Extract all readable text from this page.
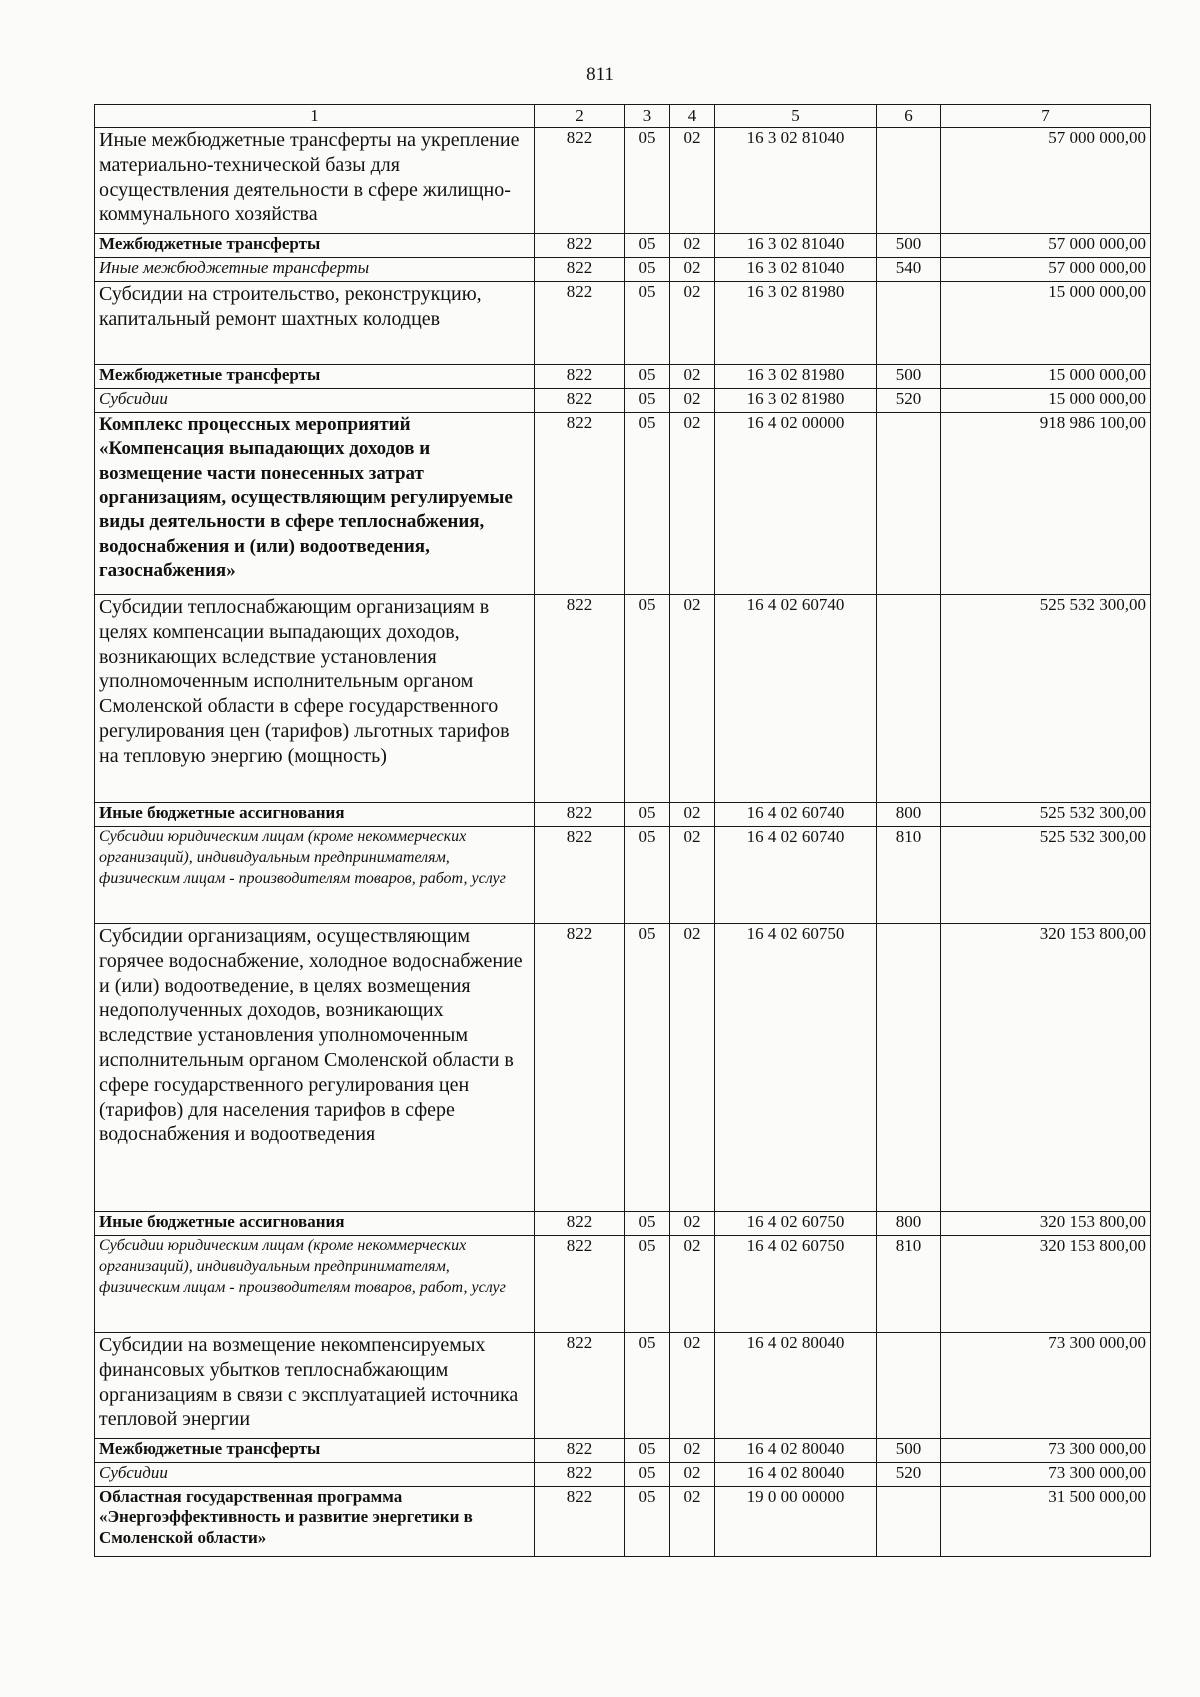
811
1	2	3	4	5	6	7
Иные межбюджетные трансферты на укрепление материально-технической базы для осуществления деятельности в сфере жилищно-коммунального хозяйства	822	05	02	16 3 02 81040		57 000 000,00
Межбюджетные трансферты	822	05	02	16 3 02 81040	500	57 000 000,00
Иные межбюджетные трансферты	822	05	02	16 3 02 81040	540	57 000 000,00
Субсидии на строительство, реконструкцию, капитальный ремонт шахтных колодцев	822	05	02	16 3 02 81980		15 000 000,00
Межбюджетные трансферты	822	05	02	16 3 02 81980	500	15 000 000,00
Субсидии	822	05	02	16 3 02 81980	520	15 000 000,00
Комплекс процессных мероприятий «Компенсация выпадающих доходов и возмещение части понесенных затрат организациям, осуществляющим регулируемые виды деятельности в сфере теплоснабжения, водоснабжения и (или) водоотведения, газоснабжения»	822	05	02	16 4 02 00000		918 986 100,00
Субсидии теплоснабжающим организациям в целях компенсации выпадающих доходов, возникающих вследствие установления уполномоченным исполнительным органом Смоленской области в сфере государственного регулирования цен (тарифов) льготных тарифов на тепловую энергию (мощность)	822	05	02	16 4 02 60740		525 532 300,00
Иные бюджетные ассигнования	822	05	02	16 4 02 60740	800	525 532 300,00
Субсидии юридическим лицам (кроме некоммерческих организаций), индивидуальным предпринимателям, физическим лицам - производителям товаров, работ, услуг	822	05	02	16 4 02 60740	810	525 532 300,00
Субсидии организациям, осуществляющим горячее водоснабжение, холодное водоснабжение и (или) водоотведение, в целях возмещения недополученных доходов, возникающих вследствие установления уполномоченным исполнительным органом Смоленской области в сфере государственного регулирования цен (тарифов) для населения тарифов в сфере водоснабжения и водоотведения	822	05	02	16 4 02 60750		320 153 800,00
Иные бюджетные ассигнования	822	05	02	16 4 02 60750	800	320 153 800,00
Субсидии юридическим лицам (кроме некоммерческих организаций), индивидуальным предпринимателям, физическим лицам - производителям товаров, работ, услуг	822	05	02	16 4 02 60750	810	320 153 800,00
Субсидии на возмещение некомпенсируемых финансовых убытков теплоснабжающим организациям в связи с эксплуатацией источника тепловой энергии	822	05	02	16 4 02 80040		73 300 000,00
Межбюджетные трансферты	822	05	02	16 4 02 80040	500	73 300 000,00
Субсидии	822	05	02	16 4 02 80040	520	73 300 000,00
Областная государственная программа «Энергоэффективность и развитие энергетики в Смоленской области»	822	05	02	19 0 00 00000		31 500 000,00
